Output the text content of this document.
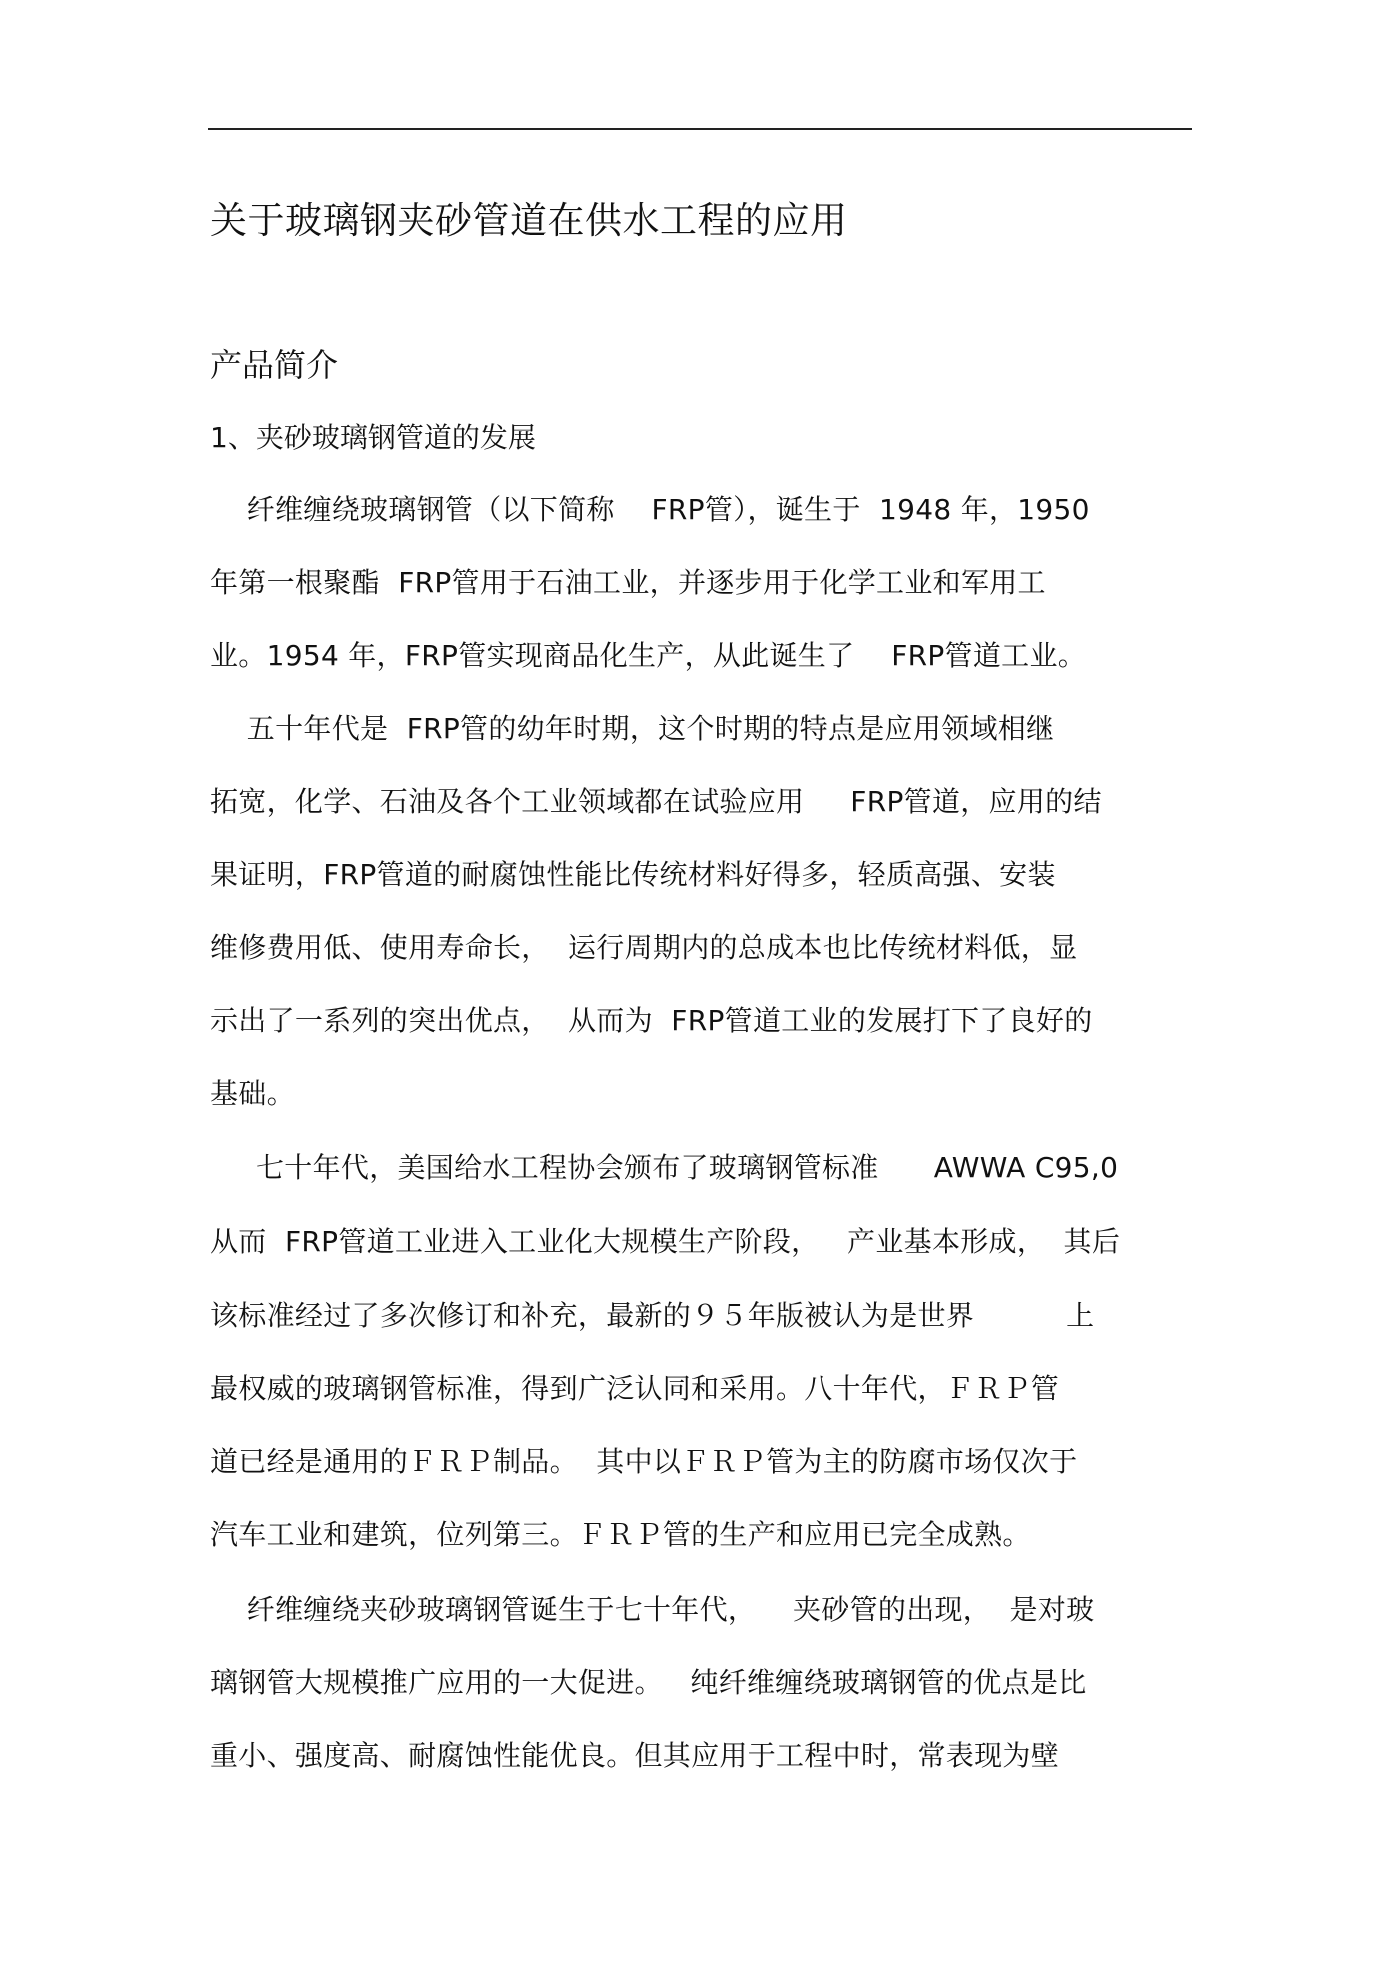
关于玻璃钢夹砂管道在供水工程的应用
产品简介
1、夹砂玻璃钢管道的发展
纤维缠绕玻璃钢管（以下简称    FRP管），诞生于  1948 年，1950
年第一根聚酯  FRP管用于石油工业，并逐步用于化学工业和军用工
业。1954 年，FRP管实现商品化生产，从此诞生了    FRP管道工业。
五十年代是  FRP管的幼年时期，这个时期的特点是应用领域相继
拓宽，化学、石油及各个工业领域都在试验应用     FRP管道，应用的结
果证明，FRP管道的耐腐蚀性能比传统材料好得多，轻质高强、安装
维修费用低、使用寿命长，  运行周期内的总成本也比传统材料低，显
示出了一系列的突出优点，  从而为  FRP管道工业的发展打下了良好的
基础。
七十年代，美国给水工程协会颁布了玻璃钢管标准      AWWA C95,0
从而  FRP管道工业进入工业化大规模生产阶段，   产业基本形成，  其后
该标准经过了多次修订和补充，最新的９５年版被认为是世界          上
最权威的玻璃钢管标准，得到广泛认同和采用。八十年代，ＦＲＰ管
道已经是通用的ＦＲＰ制品。  其中以ＦＲＰ管为主的防腐市场仅次于
汽车工业和建筑，位列第三。ＦＲＰ管的生产和应用已完全成熟。
纤维缠绕夹砂玻璃钢管诞生于七十年代，    夹砂管的出现，  是对玻
璃钢管大规模推广应用的一大促进。   纯纤维缠绕玻璃钢管的优点是比
重小、强度高、耐腐蚀性能优良。但其应用于工程中时，常表现为壁
